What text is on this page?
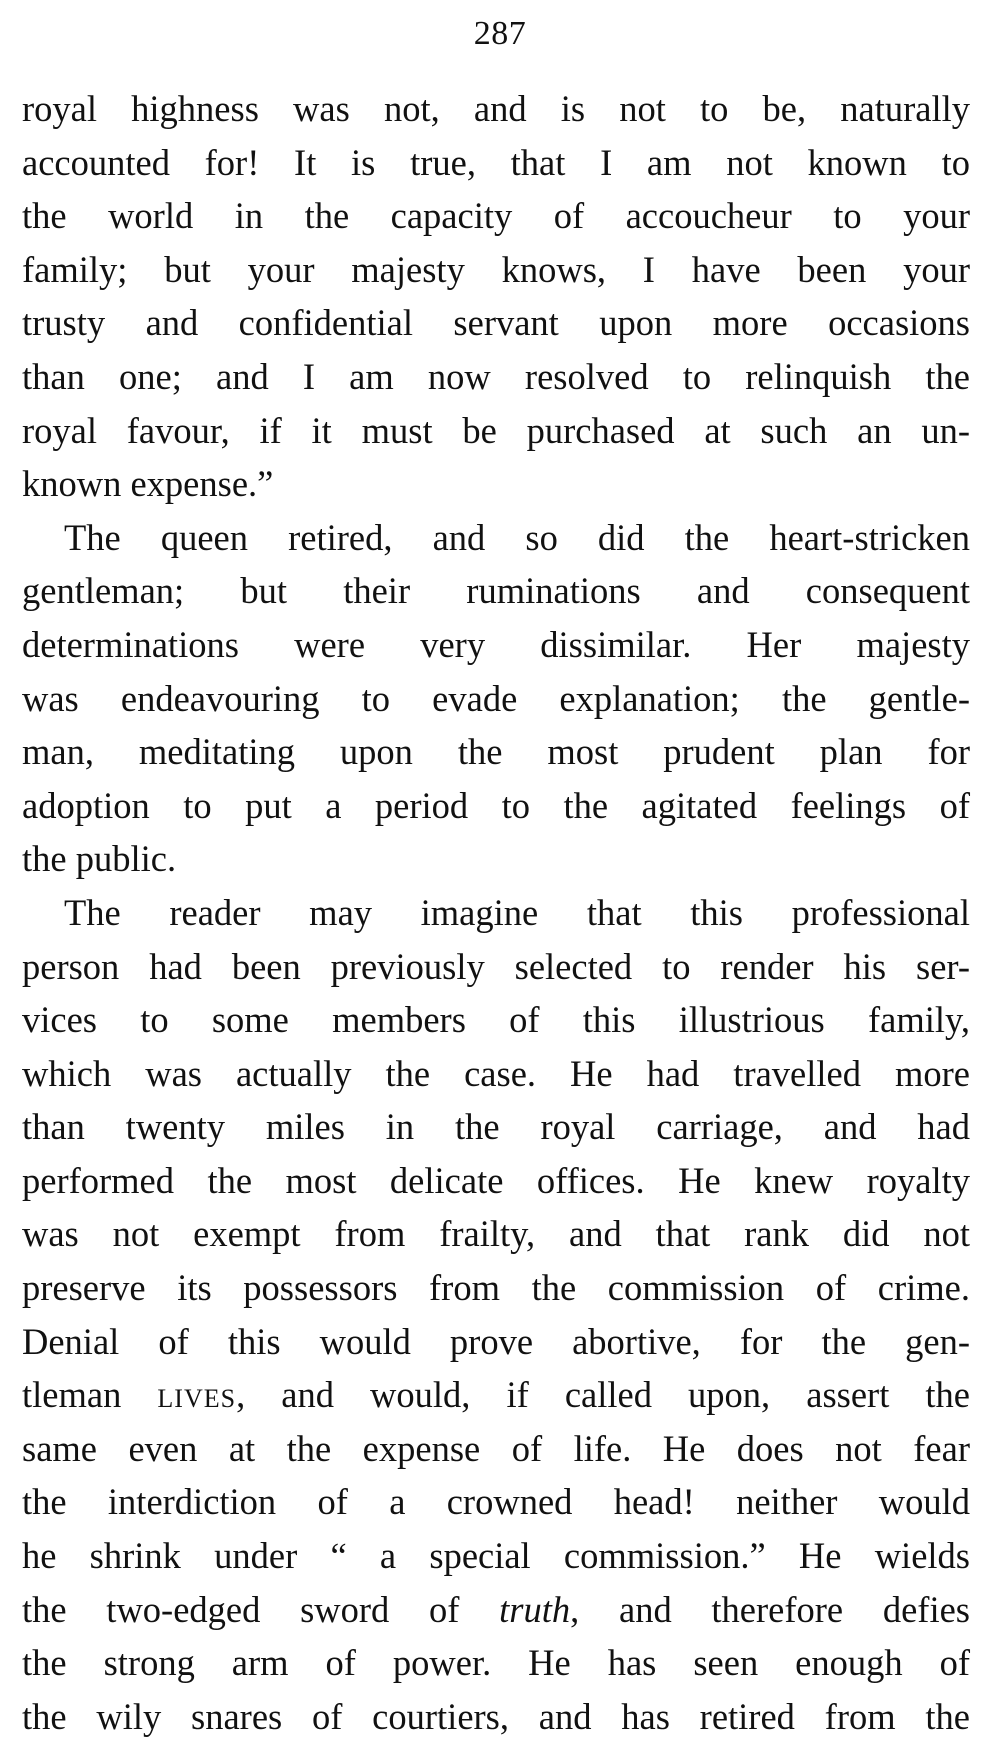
287
royal highness was not, and is not to be, naturally
accounted for! It is true, that I am not known to
the world in the capacity of accoucheur to your
family; but your majesty knows, I have been your
trusty and confidential servant upon more occasions
than one; and I am now resolved to relinquish the
royal favour, if it must be purchased at such an un-
known expense.”
The queen retired, and so did the heart-stricken
gentleman; but their ruminations and consequent
determinations were very dissimilar. Her majesty
was endeavouring to evade explanation; the gentle-
man, meditating upon the most prudent plan for
adoption to put a period to the agitated feelings of
the public.
The reader may imagine that this professional
person had been previously selected to render his ser-
vices to some members of this illustrious family,
which was actually the case. He had travelled more
than twenty miles in the royal carriage, and had
performed the most delicate offices. He knew royalty
was not exempt from frailty, and that rank did not
preserve its possessors from the commission of crime.
Denial of this would prove abortive, for the gen-
tleman lives, and would, if called upon, assert the
same even at the expense of life. He does not fear
the interdiction of a crowned head! neither would
he shrink under “ a special commission.” He wields
the two-edged sword of truth, and therefore defies
the strong arm of power. He has seen enough of
the wily snares of courtiers, and has retired from the
